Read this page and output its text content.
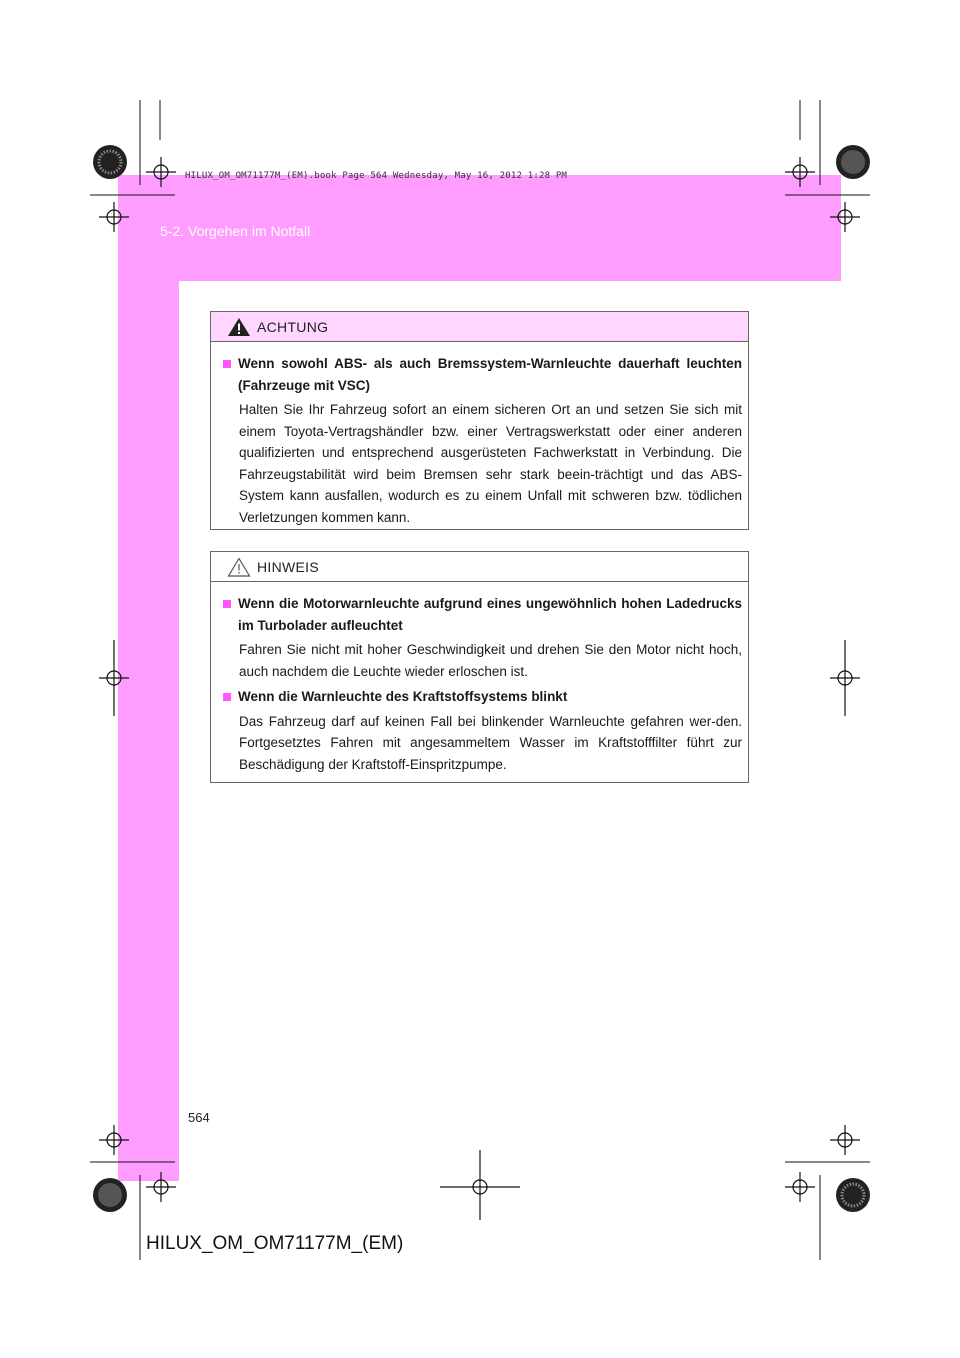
5-2. Vorgehen im Notfall
HILUX_OM_OM71177M_(EM).book Page 564 Wednesday, May 16, 2012 1:28 PM
ACHTUNG
Wenn sowohl ABS- als auch Bremssystem-Warnleuchte dauerhaft leuchten (Fahrzeuge mit VSC)
Halten Sie Ihr Fahrzeug sofort an einem sicheren Ort an und setzen Sie sich mit einem Toyota-Vertragshändler bzw. einer Vertragswerkstatt oder einer anderen qualifizierten und entsprechend ausgerüsteten Fachwerkstatt in Verbindung. Die Fahrzeugstabilität wird beim Bremsen sehr stark beein-trächtigt und das ABS-System kann ausfallen, wodurch es zu einem Unfall mit schweren bzw. tödlichen Verletzungen kommen kann.
HINWEIS
Wenn die Motorwarnleuchte aufgrund eines ungewöhnlich hohen Ladedrucks im Turbolader aufleuchtet
Fahren Sie nicht mit hoher Geschwindigkeit und drehen Sie den Motor nicht hoch, auch nachdem die Leuchte wieder erloschen ist.
Wenn die Warnleuchte des Kraftstoffsystems blinkt
Das Fahrzeug darf auf keinen Fall bei blinkender Warnleuchte gefahren wer-den. Fortgesetztes Fahren mit angesammeltem Wasser im Kraftstofffilter führt zur Beschädigung der Kraftstoff-Einspritzpumpe.
564
HILUX_OM_OM71177M_(EM)
